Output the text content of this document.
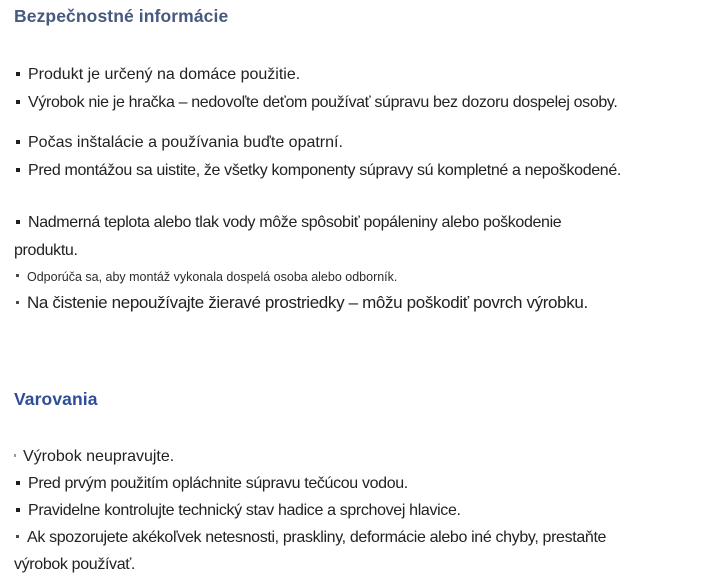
Bezpečnostné informácie
Produkt je určený na domáce použitie.
Výrobok nie je hračka – nedovoľte deťom používať súpravu bez dozoru dospelej osoby.
Počas inštalácie a používania buďte opatrní.
Pred montážou sa uistite, že všetky komponenty súpravy sú kompletné a nepoškodené.
Nadmerná teplota alebo tlak vody môže spôsobiť popáleniny alebo poškodenie
produktu.
Odporúča sa, aby montáž vykonala dospelá osoba alebo odborník.
Na čistenie nepoužívajte žieravé prostriedky – môžu poškodiť povrch výrobku.
Varovania
Výrobok neupravujte.
Pred prvým použitím opláchnite súpravu tečúcou vodou.
Pravidelne kontrolujte technický stav hadice a sprchovej hlavice.
Ak spozorujete akékoľvek netesnosti, praskliny, deformácie alebo iné chyby, prestaňte
výrobok používať.
